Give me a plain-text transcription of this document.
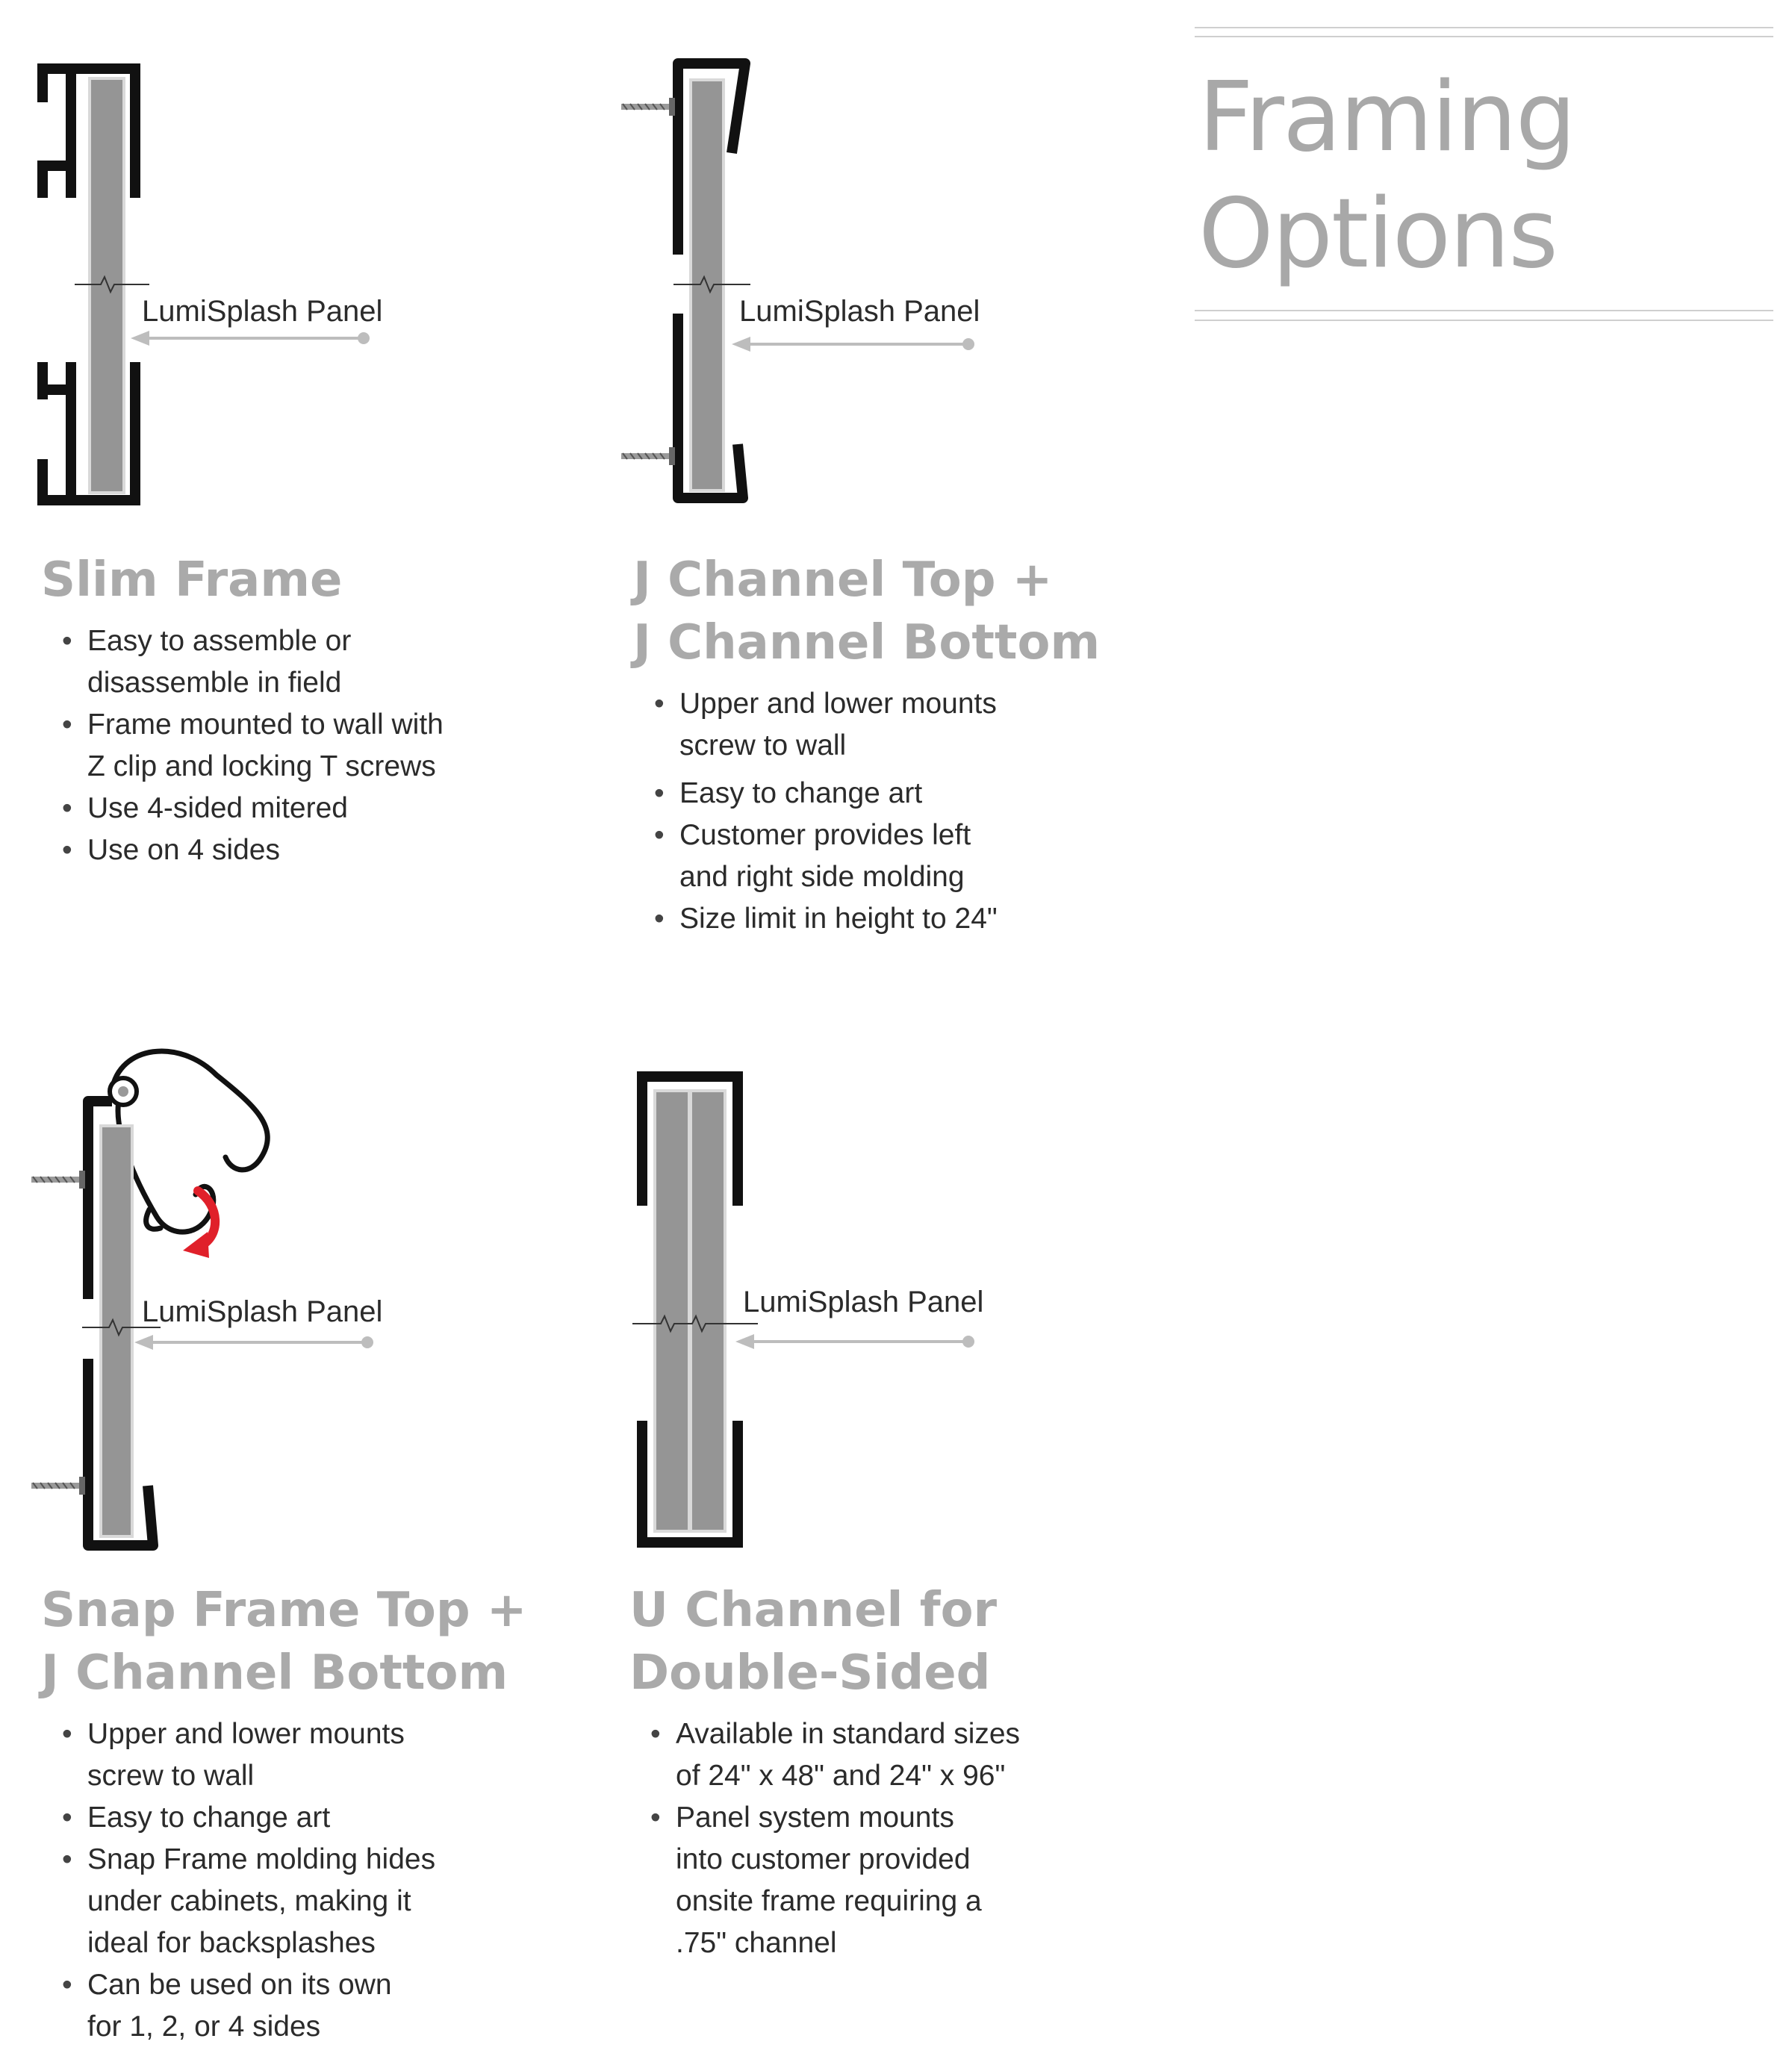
Framing
Options
LumiSplash Panel	LumiSplash Panel
LumiSplash Panel	LumiSplash Panel
Slim Frame
• Easy to assemble or
disassemble in field
• Frame mounted to wall with
Z clip and locking T screws
• Use 4-sided mitered
• Use on 4 sides
J Channel Top +
J Channel Bottom
• Upper and lower mounts
screw to wall
• Easy to change art
• Customer provides left
and right side molding
• Size limit in height to 24"
Snap Frame Top +
J Channel Bottom
• Upper and lower mounts
screw to wall
• Easy to change art
• Snap Frame molding hides
under cabinets, making it
ideal for backsplashes
• Can be used on its own
for 1, 2, or 4 sides
U Channel for
Double-Sided
• Available in standard sizes
of 24" x 48" and 24" x 96"
• Panel system mounts
into customer provided
onsite frame requiring a
.75" channel
